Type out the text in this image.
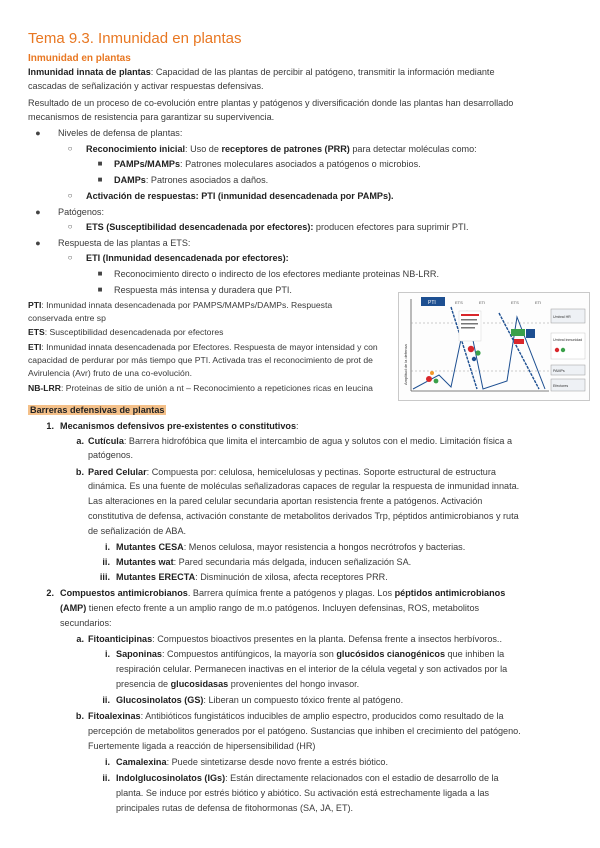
Tema 9.3. Inmunidad en plantas
Inmunidad en plantas
Inmunidad innata de plantas: Capacidad de las plantas de percibir al patógeno, transmitir la información mediante
cascadas de señalización y activar respuestas defensivas.
Resultado de un proceso de co-evolución entre plantas y patógenos y diversificación donde las plantas han desarrollado
mecanismos de resistencia para garantizar su supervivencia.
●	Niveles de defensa de plantas:
○	Reconocimiento inicial: Uso de receptores de patrones (PRR) para detectar moléculas como:
■	PAMPs/MAMPs: Patrones moleculares asociados a patógenos o microbios.
■	DAMPs: Patrones asociados a daños.
○	Activación de respuestas: PTI (inmunidad desencadenada por PAMPs).
●	Patógenos:
○	ETS (Susceptibilidad desencadenada por efectores): producen efectores para suprimir PTI.
●	Respuesta de las plantas a ETS:
○	ETI (Inmunidad desencadenada por efectores):
■	Reconocimiento directo o indirecto de los efectores mediante proteinas NB-LRR.
■	Respuesta más intensa y duradera que PTI.
PTI: Inmunidad innata desencadenada por PAMPS/MAMPs/DAMPs. Respuesta
conservada entre sp
ETS: Susceptibilidad desencadenada por efectores
ETI: Inmunidad innata desencadenada por Efectores. Respuesta de mayor intensidad y con
capacidad de perdurar por más tiempo que PTI. Activada tras el reconocimiento de prot de
Avirulencia (Avr) fruto de una co-evolución.
NB-LRR: Proteinas de sitio de unión a nt – Reconocimiento a repeticiones ricas en leucina
Amplitud de la defensa
PTI	ETS	ETI	ETS	ETI
Umbral HR
Umbral inmunidad
PAMPs
Efectores
Barreras defensivas de plantas
1. Mecanismos defensivos pre-existentes o constitutivos:
a. Cutícula: Barrera hidrofóbica que limita el intercambio de agua y solutos con el medio. Limitación física a
patógenos.
b. Pared Celular: Compuesta por: celulosa, hemicelulosas y pectinas. Soporte estructural de estructura
dinámica. Es una fuente de moléculas señalizadoras capaces de regular la respuesta de inmunidad innata.
Las alteraciones en la pared celular secundaria aportan resistencia frente a patógenos. Activación
constitutiva de defensa, activación constante de metabolitos derivados Trp, péptidos antimicrobianos y ruta
de señalización de ABA.
i. Mutantes CESA: Menos celulosa, mayor resistencia a hongos necrótrofos y bacterias.
ii. Mutantes wat: Pared secundaria más delgada, inducen señalización SA.
iii. Mutantes ERECTA: Disminución de xilosa, afecta receptores PRR.
2. Compuestos antimicrobianos. Barrera química frente a patógenos y plagas. Los péptidos antimicrobianos
(AMP) tienen efecto frente a un amplio rango de m.o patógenos. Incluyen defensinas, ROS, metabolitos
secundarios:
a. Fitoanticipinas: Compuestos bioactivos presentes en la planta. Defensa frente a insectos herbívoros..
i. Saponinas: Compuestos antifúngicos, la mayoría son glucósidos cianogénicos que inhiben la
respiración celular. Permanecen inactivas en el interior de la célula vegetal y son activados por la
presencia de glucosidasas provenientes del hongo invasor.
ii. Glucosinolatos (GS): Liberan un compuesto tóxico frente al patógeno.
b. Fitoalexinas: Antibióticos fungistáticos inducibles de amplio espectro, producidos como resultado de la
percepción de metabolitos generados por el patógeno. Sustancias que inhiben el crecimiento del patógeno.
Fuertemente ligada a reacción de hipersensibilidad (HR)
i. Camalexina: Puede sintetizarse desde novo frente a estrés biótico.
ii. Indolglucosinolatos (IGs): Están directamente relacionados con el estadio de desarrollo de la
planta. Se induce por estrés biótico y abiótico. Su activación está estrechamente ligada a las
principales rutas de defensa de fitohormonas (SA, JA, ET).
